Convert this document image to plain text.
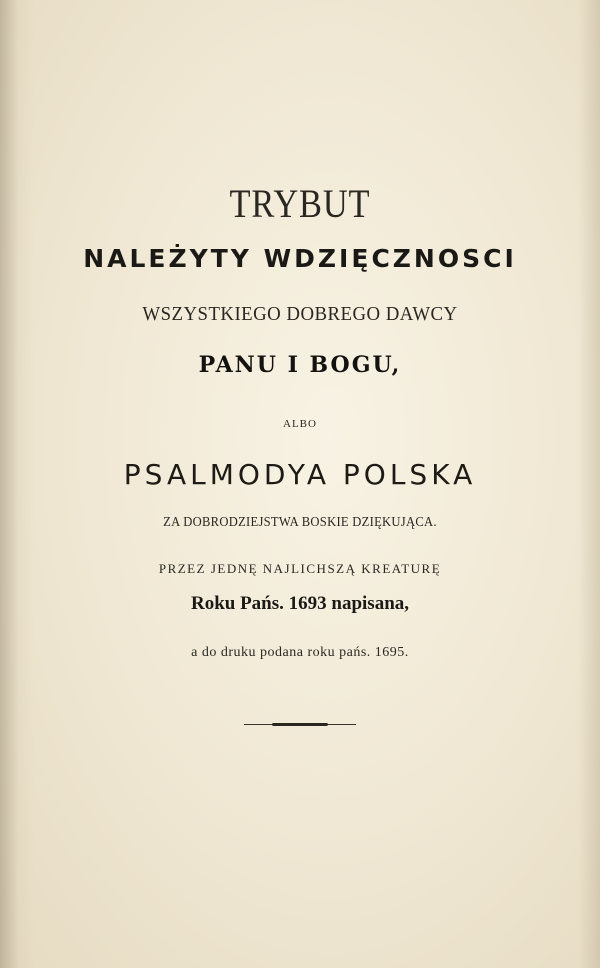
TRYBUT
NALEŻYTY WDZIĘCZNOSCI
WSZYSTKIEGO DOBREGO DAWCY
PANU I BOGU,
ALBO
PSALMODYA POLSKA
ZA DOBRODZIEJSTWA BOSKIE DZIĘKUJĄCA.
PRZEZ JEDNĘ NAJLICHSZĄ KREATURĘ
Roku Pańs. 1693 napisana,
a do druku podana roku pańs. 1695.
